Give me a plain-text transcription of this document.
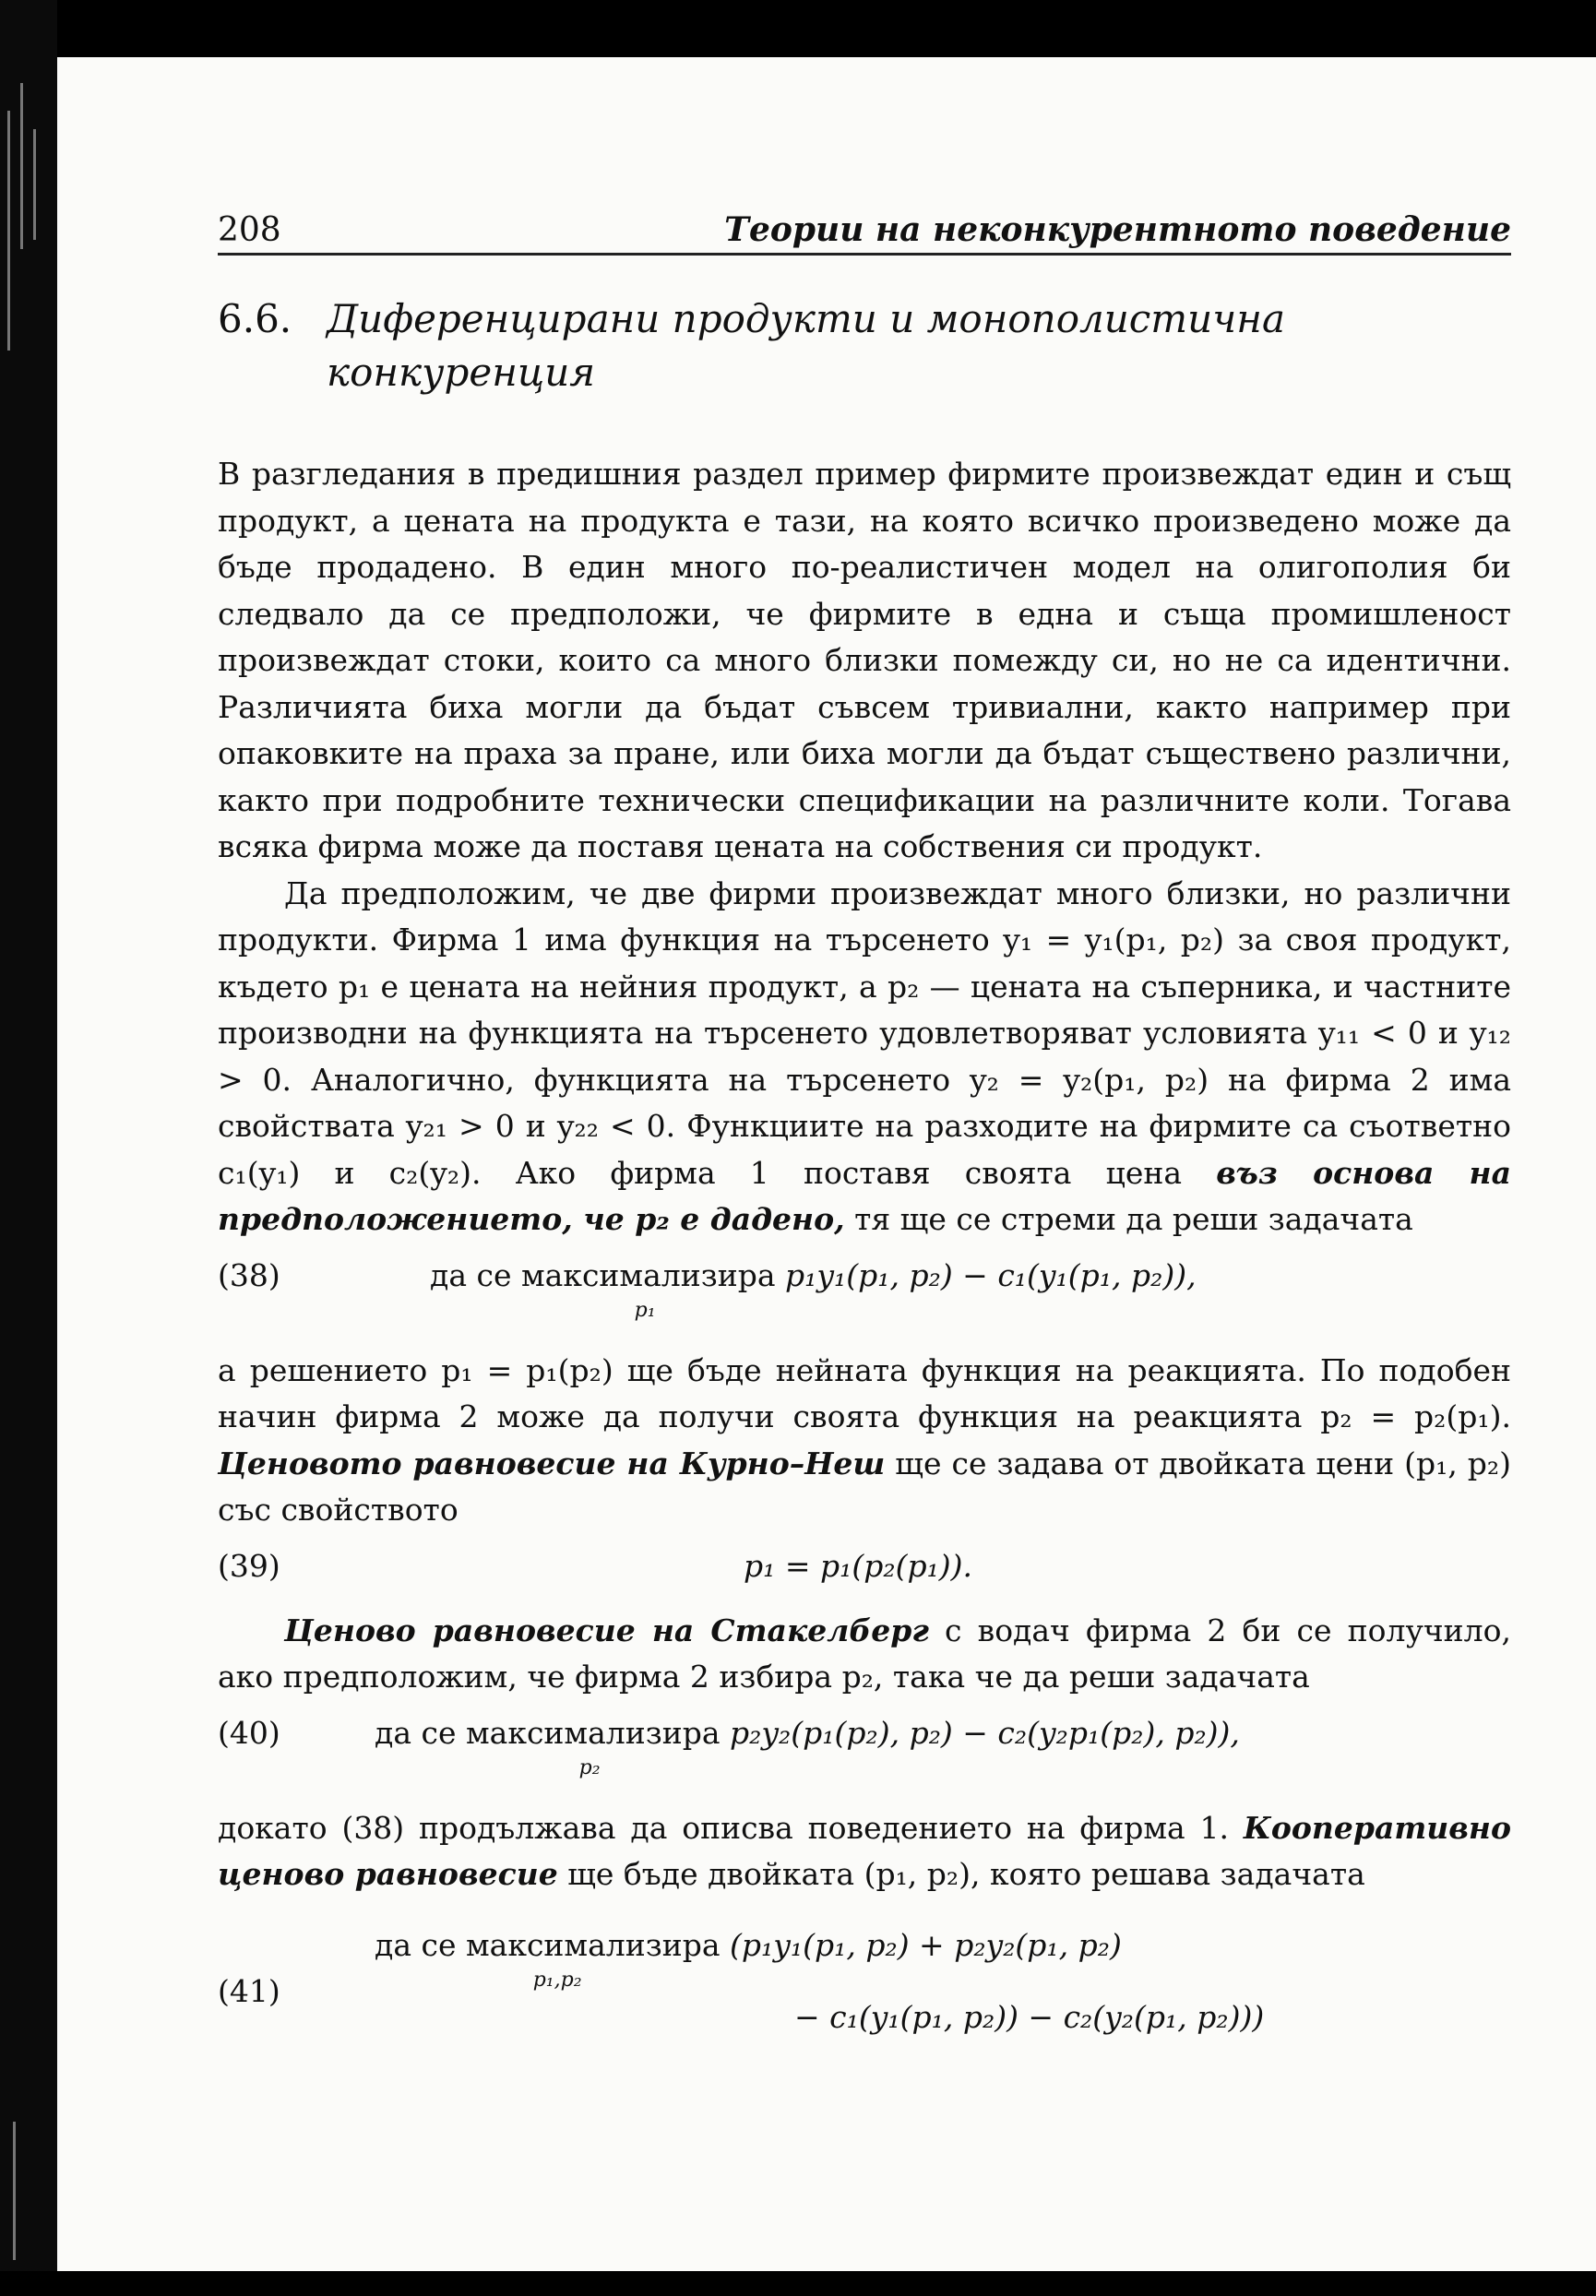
208	Теории на неконкурентното поведение
6.6. Диференцирани продукти и монополистична
конкуренция

В разгледания в предишния раздел пример фирмите произвеждат един и същ продукт, а цената на продукта е тази, на която всичко произведено може да бъде продадено. В един много по-реалистичен модел на олигополия би следвало да се предположи, че фирмите в една и съща промишленост произвеждат стоки, които са много близки помежду си, но не са идентични. Различията биха могли да бъдат съвсем тривиални, както например при опаковките на праха за пране, или биха могли да бъдат съществено различни, както при подробните технически спецификации на различните коли. Тогава всяка фирма може да поставя цената на собствения си продукт.

Да предположим, че две фирми произвеждат много близки, но различни продукти. Фирма 1 има функция на търсенето y₁ = y₁(p₁, p₂) за своя продукт, където p₁ е цената на нейния продукт, а p₂ — цената на съперника, и частните производни на функцията на търсенето удовлетворяват условията y₁₁ < 0 и y₁₂ > 0. Аналогично, функцията на търсенето y₂ = y₂(p₁, p₂) на фирма 2 има свойствата y₂₁ > 0 и y₂₂ < 0. Функциите на разходите на фирмите са съответно c₁(y₁) и c₂(y₂). Ако фирма 1 поставя своята цена въз основа на предположението, че p₂ е дадено, тя ще се стреми да реши задачата

(38)	да се максимализира
p₁
p₁y₁(p₁, p₂) − c₁(y₁(p₁, p₂)),

а решението p₁ = p₁(p₂) ще бъде нейната функция на реакцията. По подобен начин фирма 2 може да получи своята функция на реакцията p₂ = p₂(p₁). Ценовото равновесие на Курно–Неш ще се задава от двойката цени (p₁, p₂) със свойството

(39)	p₁ = p₁(p₂(p₁)).

Ценово равновесие на Стакелберг с водач фирма 2 би се получило, ако предположим, че фирма 2 избира p₂, така че да реши задачата

(40)	да се максимализира
p₂
p₂y₂(p₁(p₂), p₂) − c₂(y₂p₁(p₂), p₂)),

докато (38) продължава да описва поведението на фирма 1. Кооперативно ценово равновесие ще бъде двойката (p₁, p₂), която решава задачата

(41)
да се максимализира
p₁,p₂
(p₁y₁(p₁, p₂) + p₂y₂(p₁, p₂)
− c₁(y₁(p₁, p₂)) − c₂(y₂(p₁, p₂)))
